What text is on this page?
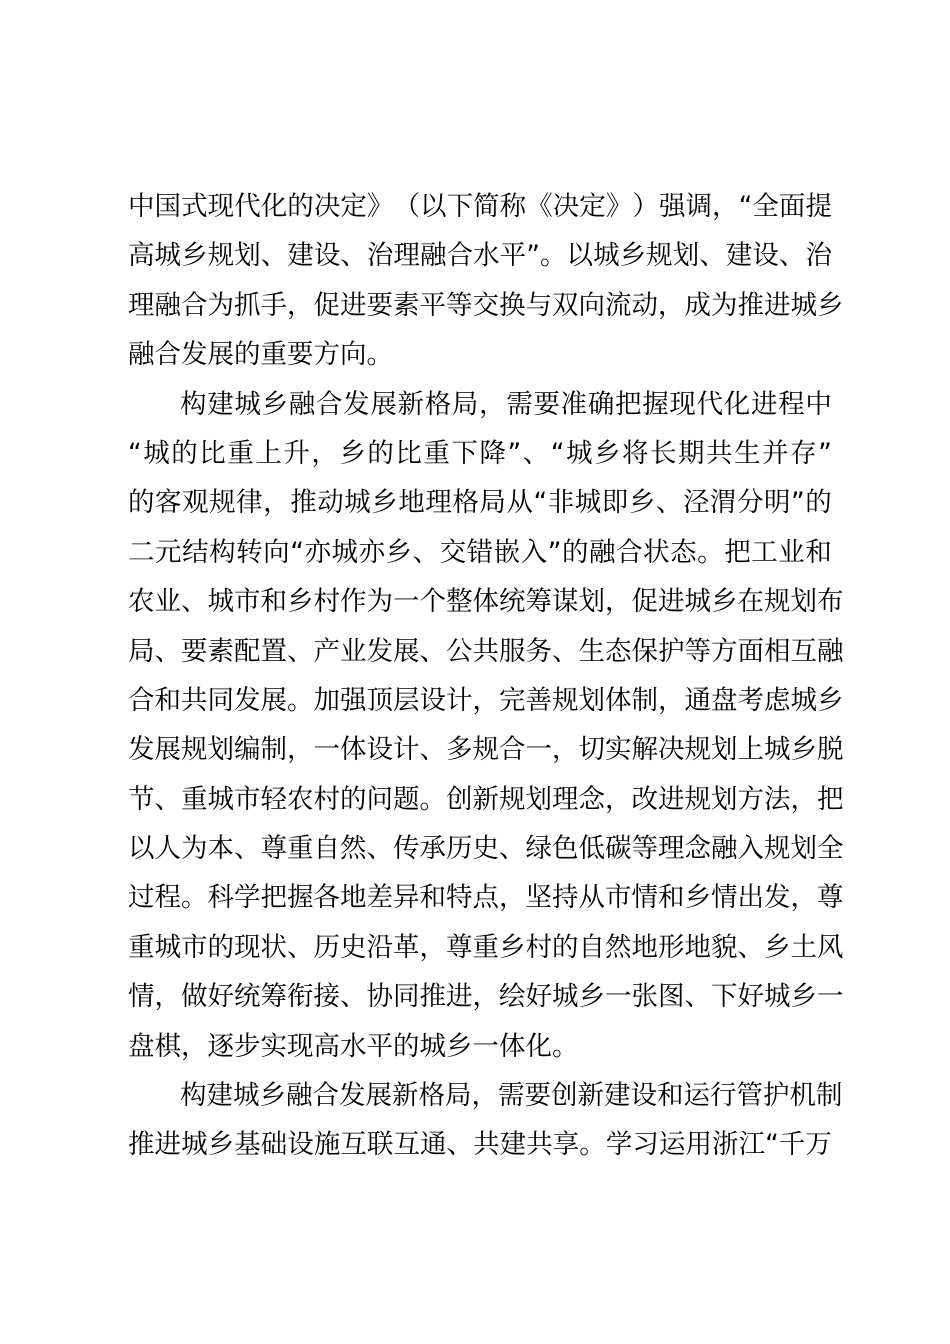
中 国 式 现 代 化 的 决 定 》 （ 以 下 简 称 《 决 定 》 ） 强 调 ， “ 全 面 提
高 城 乡 规 划 、 建 设 、 治 理 融 合 水 平 ” 。 以 城 乡 规 划 、 建 设 、 治
理 融 合 为 抓 手 ， 促 进 要 素 平 等 交 换 与 双 向 流 动 ， 成 为 推 进 城 乡
融 合 发 展 的 重 要 方 向 。
构 建 城 乡 融 合 发 展 新 格 局 ， 需 要 准 确 把 握 现 代 化 进 程 中
“ 城 的 比 重 上 升 ， 乡 的 比 重 下 降 ” 、 “ 城 乡 将 长 期 共 生 并 存 ”
的 客 观 规 律 ， 推 动 城 乡 地 理 格 局 从 “ 非 城 即 乡 、 泾 渭 分 明 ” 的
二 元 结 构 转 向 “ 亦 城 亦 乡 、 交 错 嵌 入 ” 的 融 合 状 态 。 把 工 业 和
农 业 、 城 市 和 乡 村 作 为 一 个 整 体 统 筹 谋 划 ， 促 进 城 乡 在 规 划 布
局 、 要 素 配 置 、 产 业 发 展 、 公 共 服 务 、 生 态 保 护 等 方 面 相 互 融
合 和 共 同 发 展 。 加 强 顶 层 设 计 ， 完 善 规 划 体 制 ， 通 盘 考 虑 城 乡
发 展 规 划 编 制 ， 一 体 设 计 、 多 规 合 一 ， 切 实 解 决 规 划 上 城 乡 脱
节 、 重 城 市 轻 农 村 的 问 题 。 创 新 规 划 理 念 ， 改 进 规 划 方 法 ， 把
以 人 为 本 、 尊 重 自 然 、 传 承 历 史 、 绿 色 低 碳 等 理 念 融 入 规 划 全
过 程 。 科 学 把 握 各 地 差 异 和 特 点 ， 坚 持 从 市 情 和 乡 情 出 发 ， 尊
重 城 市 的 现 状 、 历 史 沿 革 ， 尊 重 乡 村 的 自 然 地 形 地 貌 、 乡 土 风
情 ， 做 好 统 筹 衔 接 、 协 同 推 进 ， 绘 好 城 乡 一 张 图 、 下 好 城 乡 一
盘 棋 ， 逐 步 实 现 高 水 平 的 城 乡 一 体 化 。
构 建 城 乡 融 合 发 展 新 格 局 ， 需 要 创 新 建 设 和 运 行 管 护 机 制
推 进 城 乡 基 础 设 施 互 联 互 通 、 共 建 共 享 。 学 习 运 用 浙 江 “ 千 万
